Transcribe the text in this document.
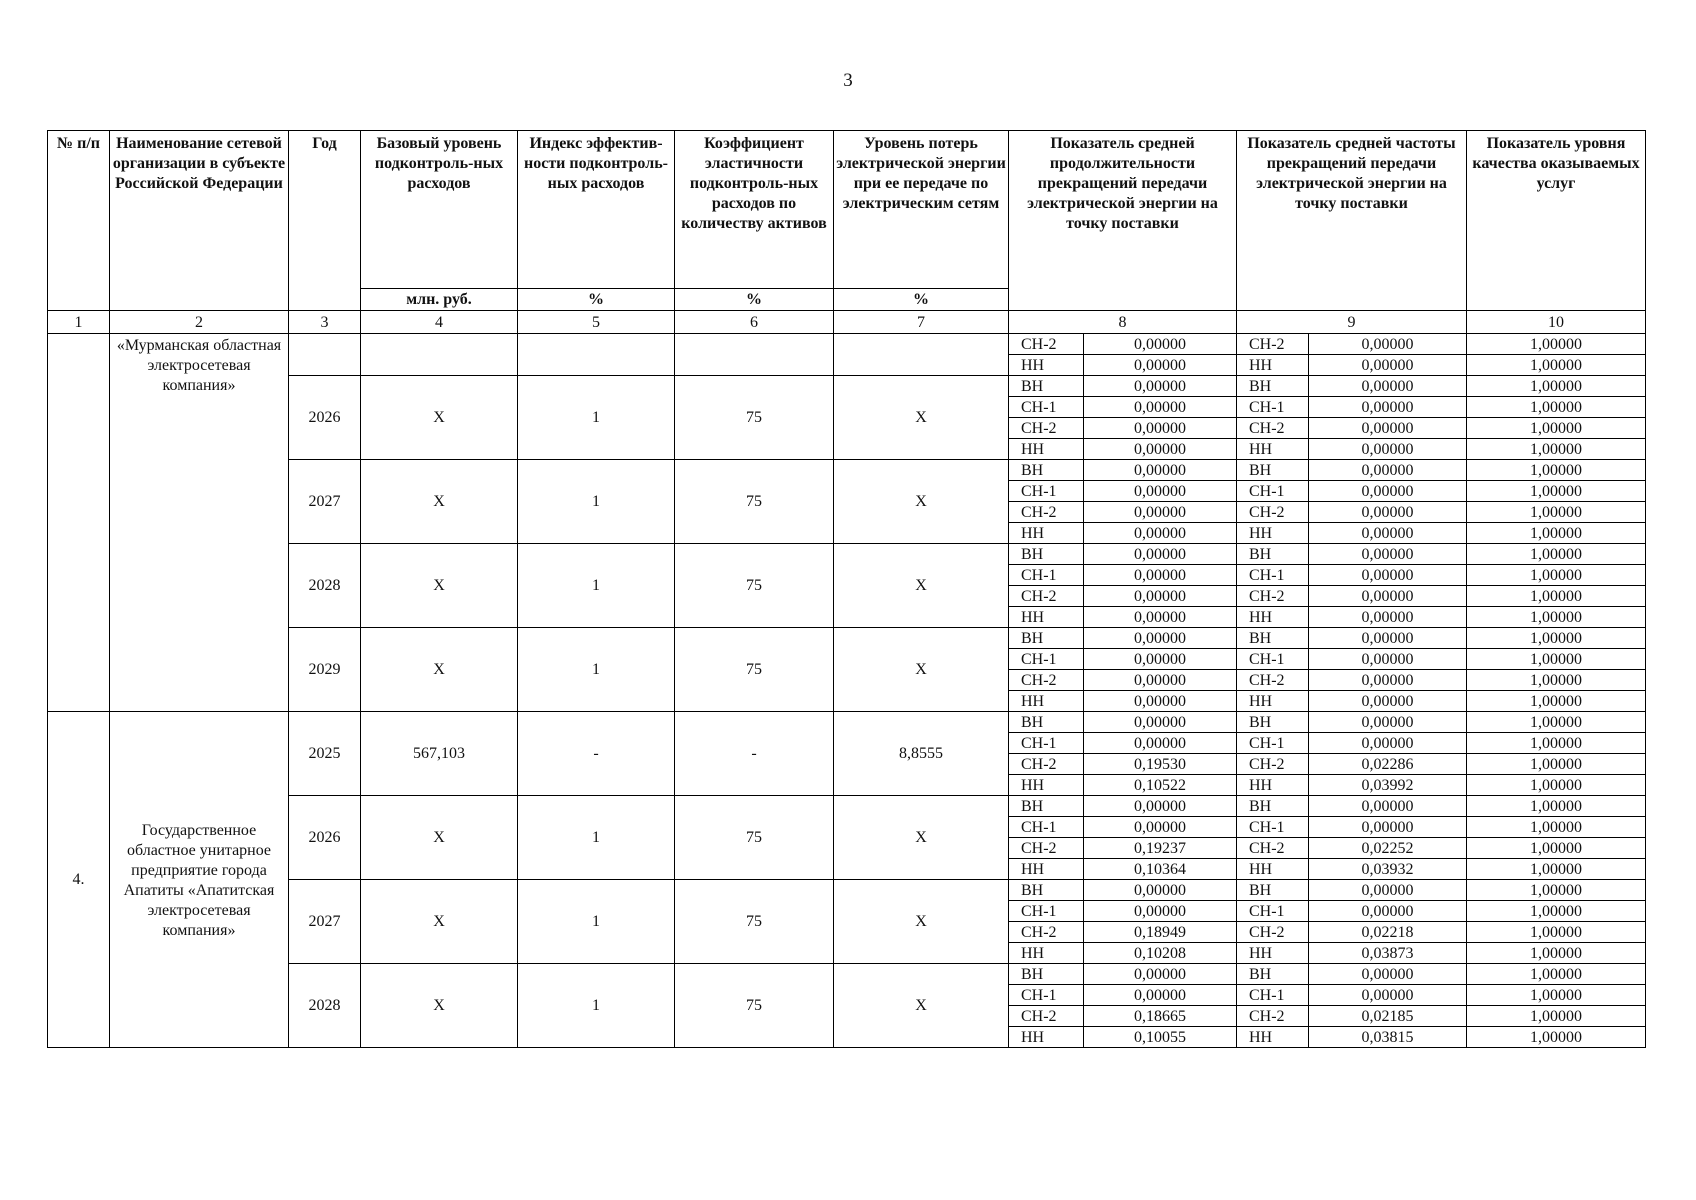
3
№ п/п	Наименование сетевой организации в субъекте Российской Федерации	Год	Базовый уровень подконтроль-ных расходов	Индекс эффектив-ности подконтроль-ных расходов	Коэффициент эластичности подконтроль-ных расходов по количеству активов	Уровень потерь электрической энергии при ее передаче по электрическим сетям	Показатель средней продолжительности прекращений передачи электрической энергии на точку поставки		Показатель средней частоты прекращений передачи электрической энергии на точку поставки		Показатель уровня качества оказываемых услуг
			млн. руб.	%	%	%					
1	2	3	4	5	6	7	8		9		10
	«Мурманская областная электросетевая компания»						СН-2	0,00000	СН-2	0,00000	1,00000
							НН	0,00000	НН	0,00000	1,00000
		2026	X	1	75	X	ВН	0,00000	ВН	0,00000	1,00000
							СН-1	0,00000	СН-1	0,00000	1,00000
							СН-2	0,00000	СН-2	0,00000	1,00000
							НН	0,00000	НН	0,00000	1,00000
		2027	X	1	75	X	ВН	0,00000	ВН	0,00000	1,00000
							СН-1	0,00000	СН-1	0,00000	1,00000
							СН-2	0,00000	СН-2	0,00000	1,00000
							НН	0,00000	НН	0,00000	1,00000
		2028	X	1	75	X	ВН	0,00000	ВН	0,00000	1,00000
							СН-1	0,00000	СН-1	0,00000	1,00000
							СН-2	0,00000	СН-2	0,00000	1,00000
							НН	0,00000	НН	0,00000	1,00000
		2029	X	1	75	X	ВН	0,00000	ВН	0,00000	1,00000
							СН-1	0,00000	СН-1	0,00000	1,00000
							СН-2	0,00000	СН-2	0,00000	1,00000
							НН	0,00000	НН	0,00000	1,00000
4.	Государственное областное унитарное предприятие города Апатиты «Апатитская электросетевая компания»	2025	567,103	-	-	8,8555	ВН	0,00000	ВН	0,00000	1,00000
							СН-1	0,00000	СН-1	0,00000	1,00000
							СН-2	0,19530	СН-2	0,02286	1,00000
							НН	0,10522	НН	0,03992	1,00000
		2026	X	1	75	X	ВН	0,00000	ВН	0,00000	1,00000
							СН-1	0,00000	СН-1	0,00000	1,00000
							СН-2	0,19237	СН-2	0,02252	1,00000
							НН	0,10364	НН	0,03932	1,00000
		2027	X	1	75	X	ВН	0,00000	ВН	0,00000	1,00000
							СН-1	0,00000	СН-1	0,00000	1,00000
							СН-2	0,18949	СН-2	0,02218	1,00000
							НН	0,10208	НН	0,03873	1,00000
		2028	X	1	75	X	ВН	0,00000	ВН	0,00000	1,00000
							СН-1	0,00000	СН-1	0,00000	1,00000
							СН-2	0,18665	СН-2	0,02185	1,00000
							НН	0,10055	НН	0,03815	1,00000
